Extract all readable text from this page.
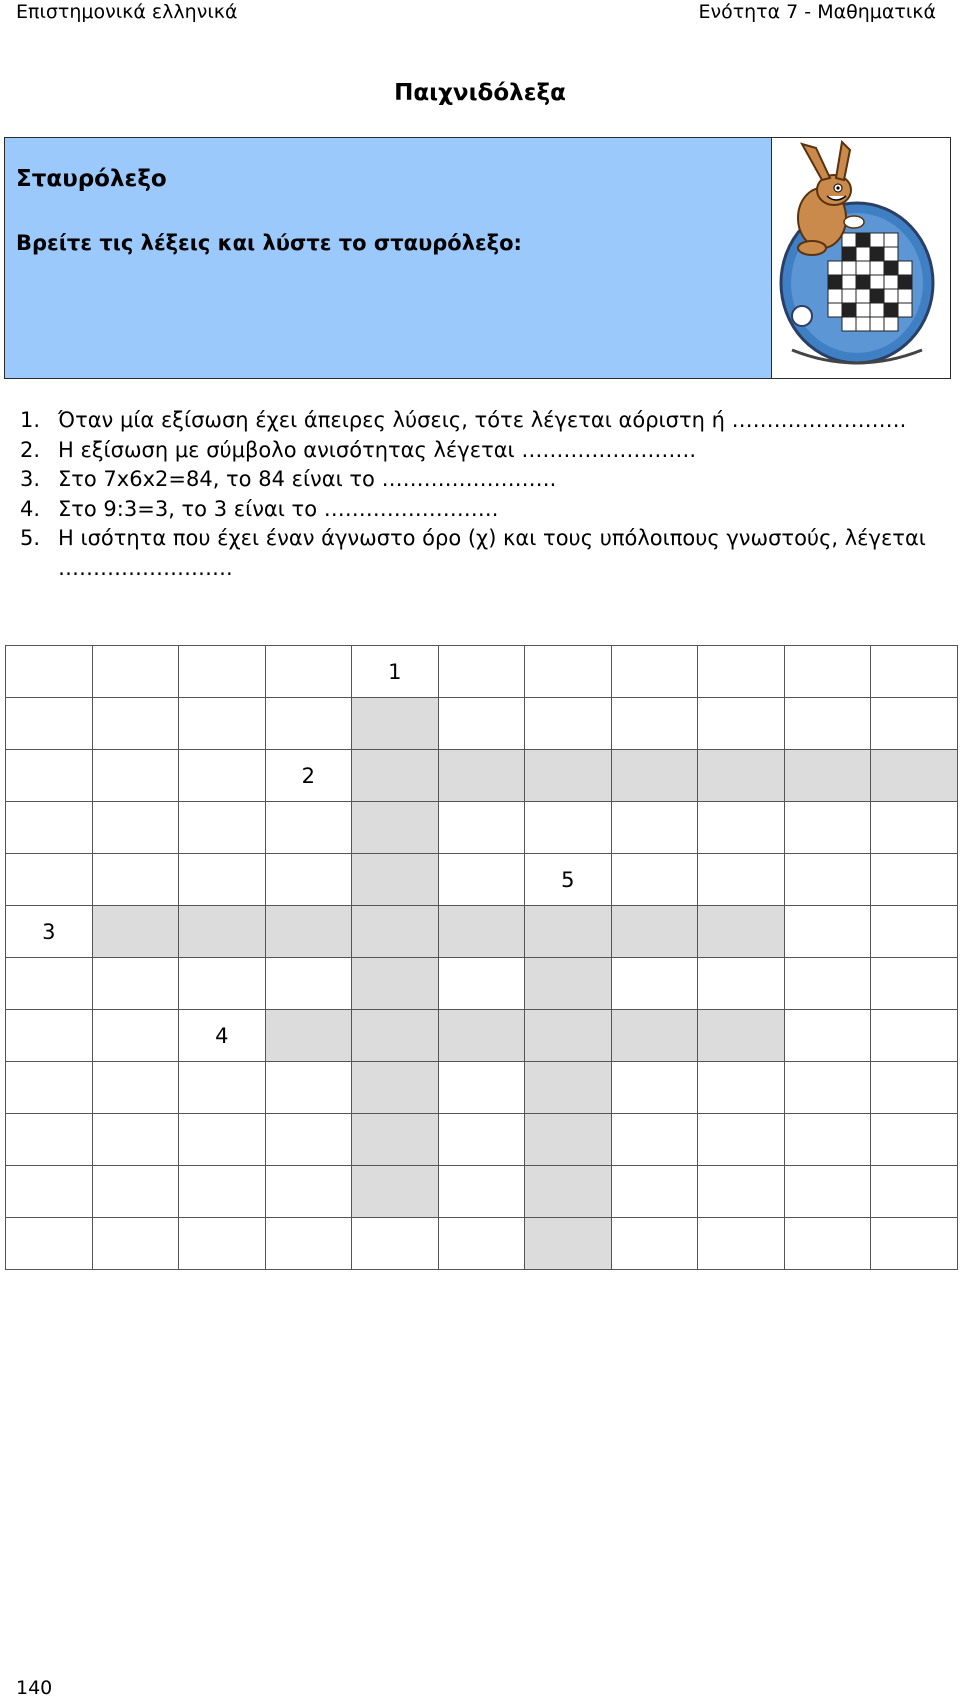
Επιστημονικά ελληνικά	Ενότητα 7 - Μαθηματικά
Παιχνιδόλεξα
Σταυρόλεξο
Βρείτε τις λέξεις και λύστε το σταυρόλεξο:
1. Όταν μία εξίσωση έχει άπειρες λύσεις, τότε λέγεται αόριστη ή …………………….
2. Η εξίσωση με σύμβολο ανισότητας λέγεται …………………….
3. Στο 7x6x2=84, το 84 είναι το …………………….
4. Στο 9:3=3, το 3 είναι το …………………….
5. Η ισότητα που έχει έναν άγνωστο όρο (χ) και τους υπόλοιπους γνωστούς, λέγεται …………………….
				1						

			2							

						5				
3										

		4								

140
